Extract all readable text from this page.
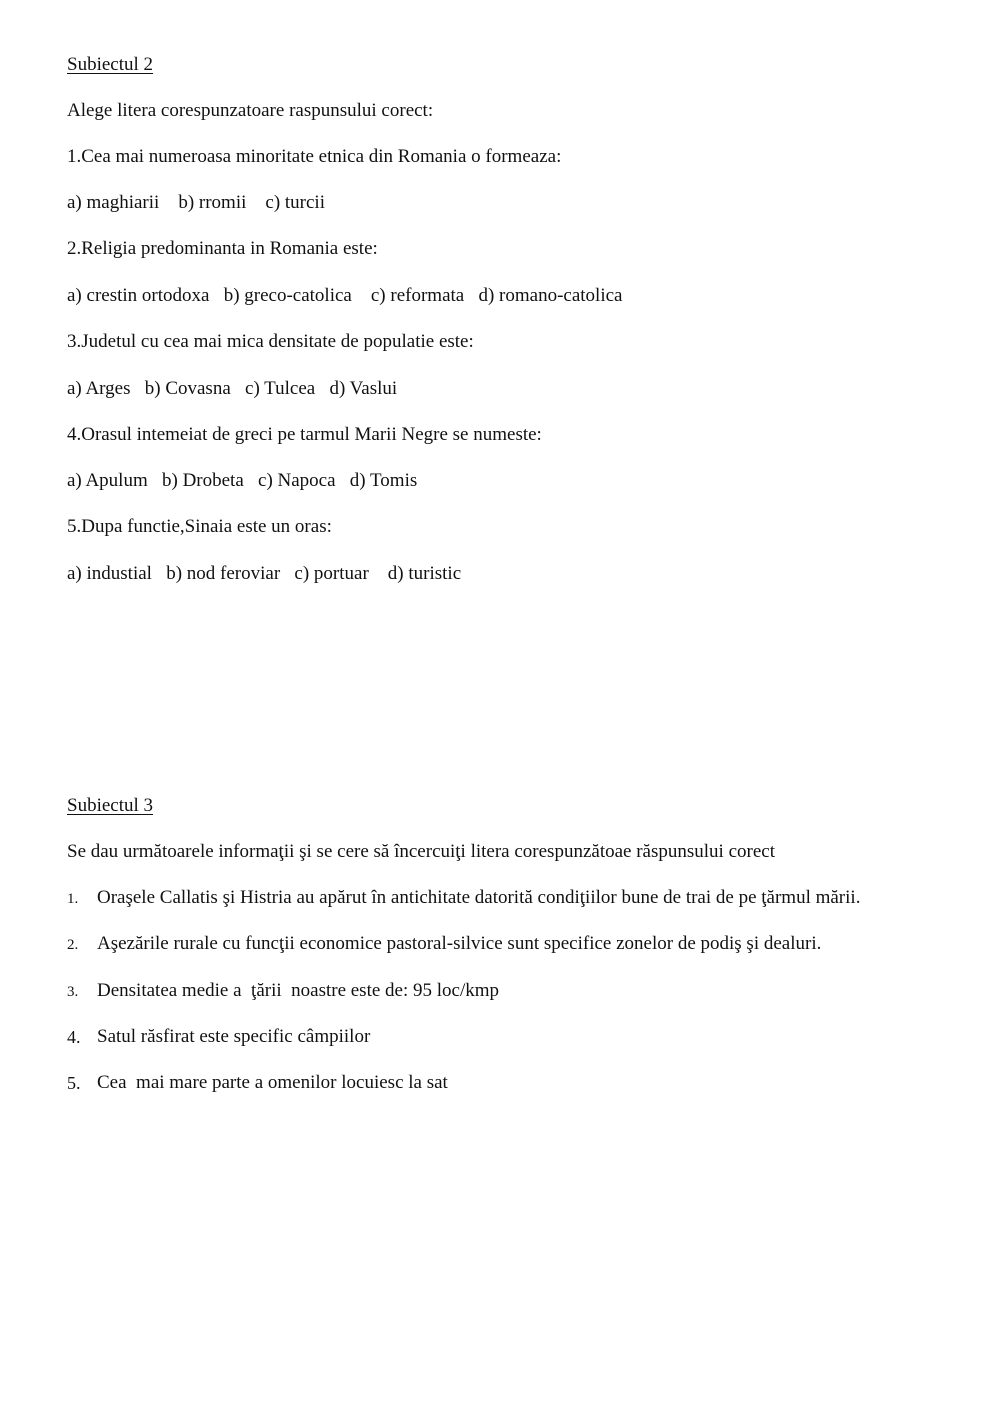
Subiectul 2
Alege litera corespunzatoare raspunsului corect:
1.Cea mai numeroasa minoritate etnica din Romania o formeaza:
a) maghiarii    b) rromii    c) turcii
2.Religia predominanta in Romania este:
a) crestin ortodoxa   b) greco-catolica    c) reformata   d) romano-catolica
3.Judetul cu cea mai mica densitate de populatie este:
a) Arges   b) Covasna   c) Tulcea   d) Vaslui
4.Orasul intemeiat de greci pe tarmul Marii Negre se numeste:
a) Apulum   b) Drobeta   c) Napoca   d) Tomis
5.Dupa functie,Sinaia este un oras:
a) industial   b) nod feroviar   c) portuar    d) turistic
Subiectul 3
Se dau următoarele informaţii şi se cere să încercuiţi litera corespunzătoae răspunsului corect
1. Oraşele Callatis şi Histria au apărut în antichitate datorită condiţiilor bune de trai de pe ţărmul mării.
2. Aşezările rurale cu funcţii economice pastoral-silvice sunt specifice zonelor de podiş şi dealuri.
3. Densitatea medie a  ţării  noastre este de: 95 loc/kmp
4. Satul răsfirat este specific câmpiilor
5. Cea  mai mare parte a omenilor locuiesc la sat
